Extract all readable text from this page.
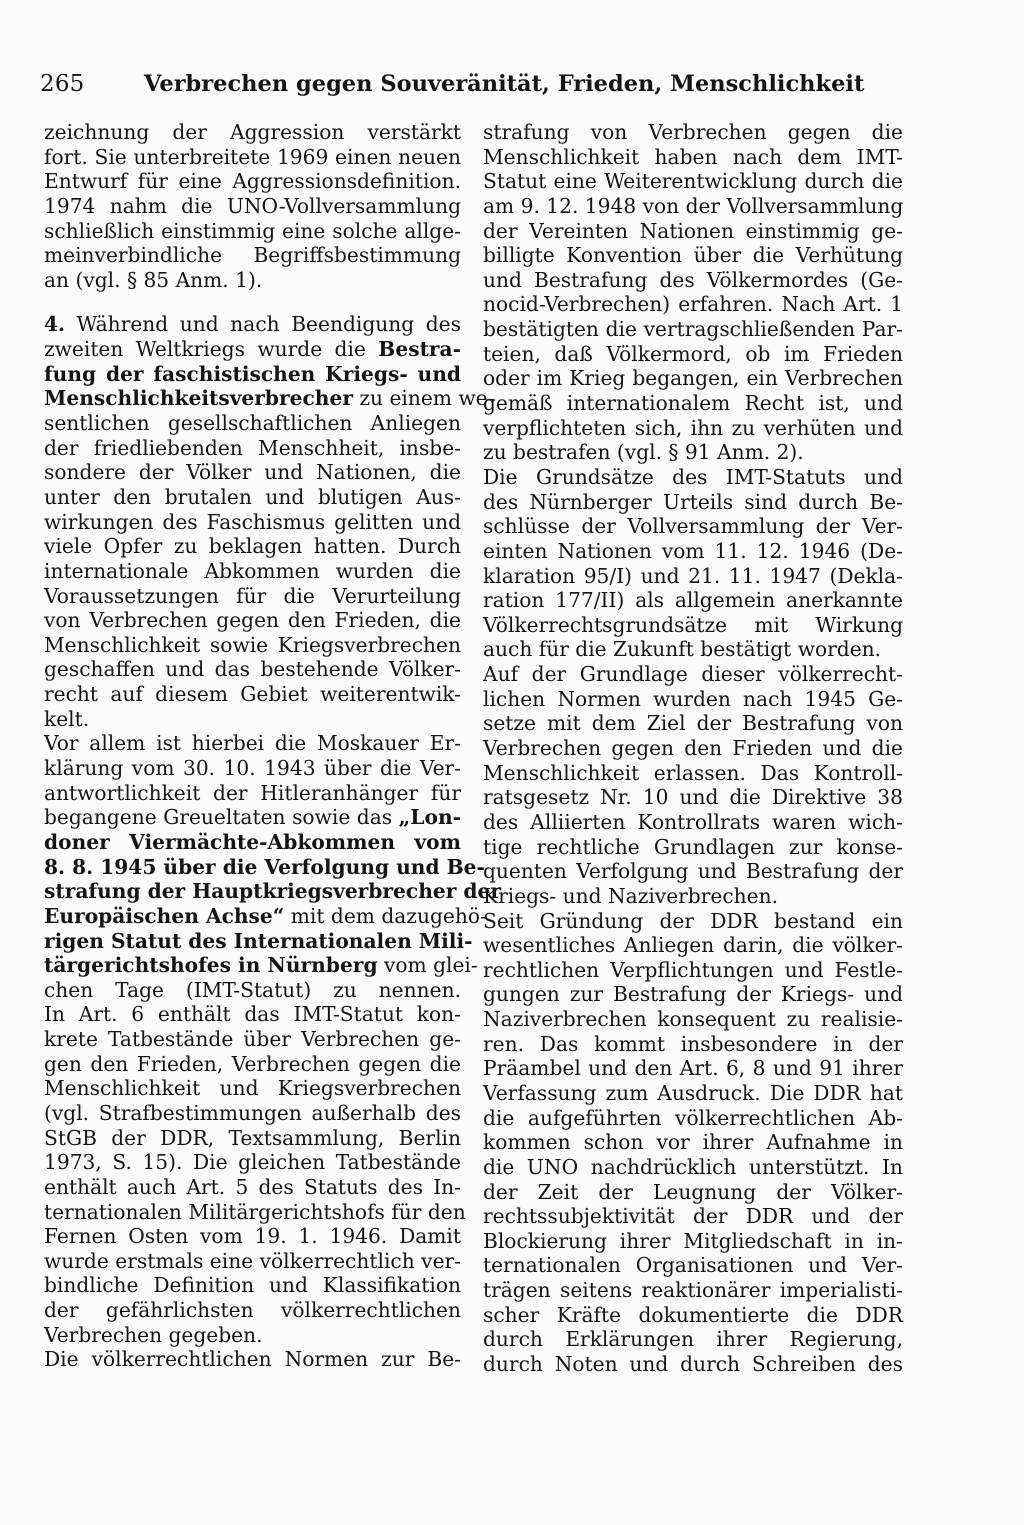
265	Verbrechen gegen Souveränität, Frieden, Menschlichkeit
zeichnung der Aggression verstärkt
fort. Sie unterbreitete 1969 einen neuen
Entwurf für eine Aggressionsdefinition.
1974 nahm die UNO-Vollversammlung
schließlich einstimmig eine solche allge-
meinverbindliche Begriffsbestimmung
an (vgl. § 85 Anm. 1).
4. Während und nach Beendigung des
zweiten Weltkriegs wurde die Bestra-
fung der faschistischen Kriegs- und
Menschlichkeitsverbrecher zu einem we-
sentlichen gesellschaftlichen Anliegen
der friedliebenden Menschheit, insbe-
sondere der Völker und Nationen, die
unter den brutalen und blutigen Aus-
wirkungen des Faschismus gelitten und
viele Opfer zu beklagen hatten. Durch
internationale Abkommen wurden die
Voraussetzungen für die Verurteilung
von Verbrechen gegen den Frieden, die
Menschlichkeit sowie Kriegsverbrechen
geschaffen und das bestehende Völker-
recht auf diesem Gebiet weiterentwik-
kelt.
Vor allem ist hierbei die Moskauer Er-
klärung vom 30. 10. 1943 über die Ver-
antwortlichkeit der Hitleranhänger für
begangene Greueltaten sowie das „Lon-
doner Viermächte-Abkommen vom
8. 8. 1945 über die Verfolgung und Be-
strafung der Hauptkriegsverbrecher der
Europäischen Achse“ mit dem dazugehö-
rigen Statut des Internationalen Mili-
tärgerichtshofes in Nürnberg vom glei-
chen Tage (IMT-Statut) zu nennen.
In Art. 6 enthält das IMT-Statut kon-
krete Tatbestände über Verbrechen ge-
gen den Frieden, Verbrechen gegen die
Menschlichkeit und Kriegsverbrechen
(vgl. Strafbestimmungen außerhalb des
StGB der DDR, Textsammlung, Berlin
1973, S. 15). Die gleichen Tatbestände
enthält auch Art. 5 des Statuts des In-
ternationalen Militärgerichtshofs für den
Fernen Osten vom 19. 1. 1946. Damit
wurde erstmals eine völkerrechtlich ver-
bindliche Definition und Klassifikation
der gefährlichsten völkerrechtlichen
Verbrechen gegeben.
Die völkerrechtlichen Normen zur Be-
strafung von Verbrechen gegen die
Menschlichkeit haben nach dem IMT-
Statut eine Weiterentwicklung durch die
am 9. 12. 1948 von der Vollversammlung
der Vereinten Nationen einstimmig ge-
billigte Konvention über die Verhütung
und Bestrafung des Völkermordes (Ge-
nocid-Verbrechen) erfahren. Nach Art. 1
bestätigten die vertragschließenden Par-
teien, daß Völkermord, ob im Frieden
oder im Krieg begangen, ein Verbrechen
gemäß internationalem Recht ist, und
verpflichteten sich, ihn zu verhüten und
zu bestrafen (vgl. § 91 Anm. 2).
Die Grundsätze des IMT-Statuts und
des Nürnberger Urteils sind durch Be-
schlüsse der Vollversammlung der Ver-
einten Nationen vom 11. 12. 1946 (De-
klaration 95/I) und 21. 11. 1947 (Dekla-
ration 177/II) als allgemein anerkannte
Völkerrechtsgrundsätze mit Wirkung
auch für die Zukunft bestätigt worden.
Auf der Grundlage dieser völkerrecht-
lichen Normen wurden nach 1945 Ge-
setze mit dem Ziel der Bestrafung von
Verbrechen gegen den Frieden und die
Menschlichkeit erlassen. Das Kontroll-
ratsgesetz Nr. 10 und die Direktive 38
des Alliierten Kontrollrats waren wich-
tige rechtliche Grundlagen zur konse-
quenten Verfolgung und Bestrafung der
Kriegs- und Naziverbrechen.
Seit Gründung der DDR bestand ein
wesentliches Anliegen darin, die völker-
rechtlichen Verpflichtungen und Festle-
gungen zur Bestrafung der Kriegs- und
Naziverbrechen konsequent zu realisie-
ren. Das kommt insbesondere in der
Präambel und den Art. 6, 8 und 91 ihrer
Verfassung zum Ausdruck. Die DDR hat
die aufgeführten völkerrechtlichen Ab-
kommen schon vor ihrer Aufnahme in
die UNO nachdrücklich unterstützt. In
der Zeit der Leugnung der Völker-
rechtssubjektivität der DDR und der
Blockierung ihrer Mitgliedschaft in in-
ternationalen Organisationen und Ver-
trägen seitens reaktionärer imperialisti-
scher Kräfte dokumentierte die DDR
durch Erklärungen ihrer Regierung,
durch Noten und durch Schreiben des
